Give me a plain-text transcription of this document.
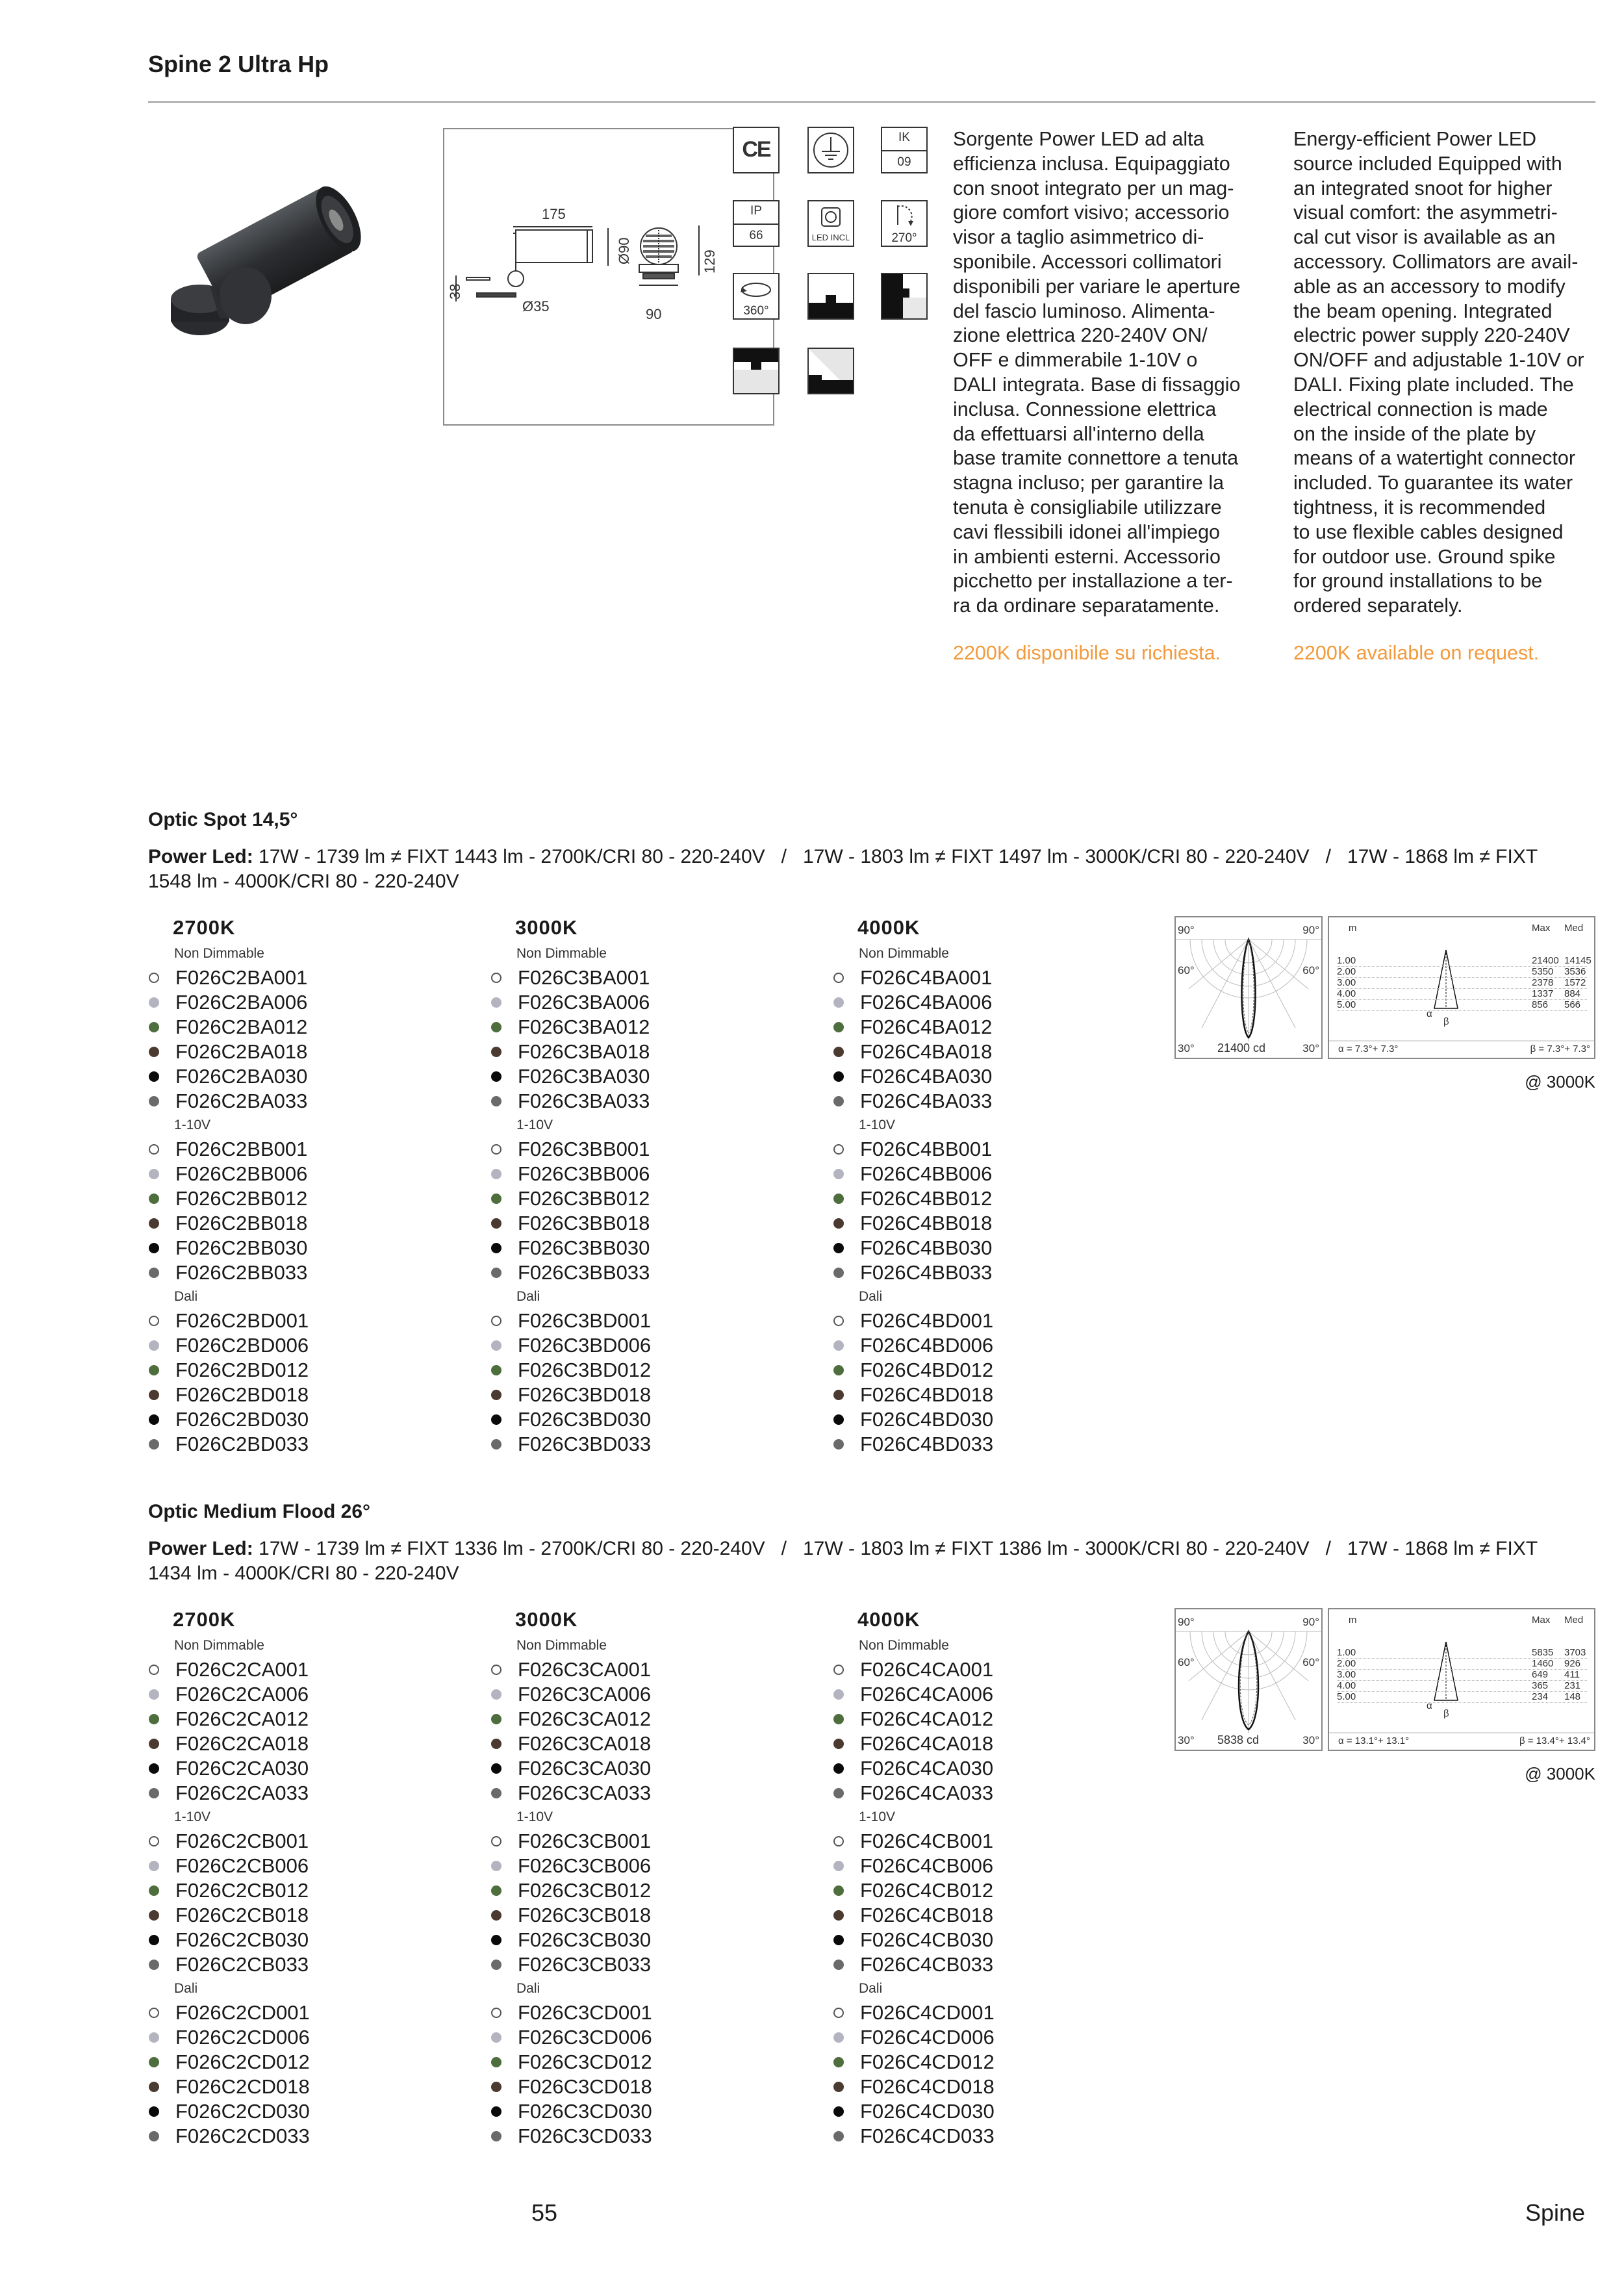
Spine 2 Ultra Hp
175
Ø35	90
Ø90	129
38
CE	IK
09
IP
66	LED INCL	270°
360°
Sorgente Power LED ad alta
efficienza inclusa. Equipaggiato
con snoot integrato per un mag-
giore comfort visivo; accessorio
visor a taglio asimmetrico di-
sponibile. Accessori collimatori
disponibili per variare le aperture
del fascio luminoso. Alimenta-
zione elettrica 220-240V ON/
OFF e dimmerabile 1-10V o
DALI integrata. Base di fissaggio
inclusa. Connessione elettrica
da effettuarsi all'interno della
base tramite connettore a tenuta
stagna incluso; per garantire la
tenuta è consigliabile utilizzare
cavi flessibili idonei all'impiego
in ambienti esterni. Accessorio
picchetto per installazione a ter-
ra da ordinare separatamente.
Energy-efficient Power LED
source included Equipped with
an integrated snoot for higher
visual comfort: the asymmetri-
cal cut visor is available as an
accessory. Collimators are avail-
able as an accessory to modify
the beam opening. Integrated
electric power supply 220-240V
ON/OFF and adjustable 1-10V or
DALI. Fixing plate included. The
electrical connection is made
on the inside of the plate by
means of a watertight connector
included. To guarantee its water
tightness, it is recommended
to use flexible cables designed
for outdoor use. Ground spike
for ground installations to be
ordered separately.
2200K disponibile su richiesta.	2200K available on request.
Optic Spot 14,5°
Power Led: 17W - 1739 lm ≠ FIXT 1443 lm - 2700K/CRI 80 - 220-240V   /   17W - 1803 lm ≠ FIXT 1497 lm - 3000K/CRI 80 - 220-240V   /   17W - 1868 lm ≠ FIXT
1548 lm - 4000K/CRI 80 - 220-240V
2700K
Non Dimmable
F026C2BA001
F026C2BA006
F026C2BA012
F026C2BA018
F026C2BA030
F026C2BA033
1-10V
F026C2BB001
F026C2BB006
F026C2BB012
F026C2BB018
F026C2BB030
F026C2BB033
Dali
F026C2BD001
F026C2BD006
F026C2BD012
F026C2BD018
F026C2BD030
F026C2BD033
3000K
Non Dimmable
F026C3BA001
F026C3BA006
F026C3BA012
F026C3BA018
F026C3BA030
F026C3BA033
1-10V
F026C3BB001
F026C3BB006
F026C3BB012
F026C3BB018
F026C3BB030
F026C3BB033
Dali
F026C3BD001
F026C3BD006
F026C3BD012
F026C3BD018
F026C3BD030
F026C3BD033
4000K
Non Dimmable
F026C4BA001
F026C4BA006
F026C4BA012
F026C4BA018
F026C4BA030
F026C4BA033
1-10V
F026C4BB001
F026C4BB006
F026C4BB012
F026C4BB018
F026C4BB030
F026C4BB033
Dali
F026C4BD001
F026C4BD006
F026C4BD012
F026C4BD018
F026C4BD030
F026C4BD033
90°	90°
60°	60°
30°	30°
21400 cd
m	Max Med
1.00	21400 14145
2.00	5350 3536
3.00	2378 1572
4.00	1337 884
5.00	856 566
α
β
α = 7.3°+ 7.3°	β = 7.3°+ 7.3°
@ 3000K
Optic Medium Flood 26°
Power Led: 17W - 1739 lm ≠ FIXT 1336 lm - 2700K/CRI 80 - 220-240V   /   17W - 1803 lm ≠ FIXT 1386 lm - 3000K/CRI 80 - 220-240V   /   17W - 1868 lm ≠ FIXT
1434 lm - 4000K/CRI 80 - 220-240V
2700K
Non Dimmable
F026C2CA001
F026C2CA006
F026C2CA012
F026C2CA018
F026C2CA030
F026C2CA033
1-10V
F026C2CB001
F026C2CB006
F026C2CB012
F026C2CB018
F026C2CB030
F026C2CB033
Dali
F026C2CD001
F026C2CD006
F026C2CD012
F026C2CD018
F026C2CD030
F026C2CD033
3000K
Non Dimmable
F026C3CA001
F026C3CA006
F026C3CA012
F026C3CA018
F026C3CA030
F026C3CA033
1-10V
F026C3CB001
F026C3CB006
F026C3CB012
F026C3CB018
F026C3CB030
F026C3CB033
Dali
F026C3CD001
F026C3CD006
F026C3CD012
F026C3CD018
F026C3CD030
F026C3CD033
4000K
Non Dimmable
F026C4CA001
F026C4CA006
F026C4CA012
F026C4CA018
F026C4CA030
F026C4CA033
1-10V
F026C4CB001
F026C4CB006
F026C4CB012
F026C4CB018
F026C4CB030
F026C4CB033
Dali
F026C4CD001
F026C4CD006
F026C4CD012
F026C4CD018
F026C4CD030
F026C4CD033
90°	90°
60°	60°
30°	30°
5838 cd
m	Max Med
1.00	5835 3703
2.00	1460 926
3.00	649 411
4.00	365 231
5.00	234 148
α
β
α = 13.1°+ 13.1°	β = 13.4°+ 13.4°
@ 3000K
55	Spine
